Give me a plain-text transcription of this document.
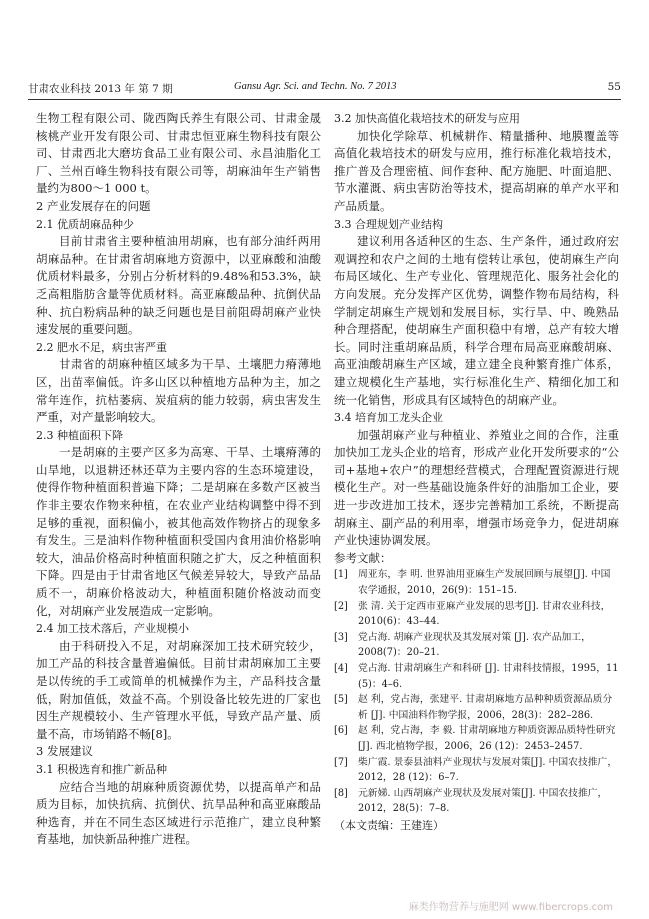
甘肃农业科技 2013 年 第 7 期	Gansu Agr. Sci. and Techn. No. 7 2013	55

生物工程有限公司、陇西陶氏养生有限公司、甘肃金晟核桃产业开发有限公司、甘肃忠恒亚麻生物科技有限公司、甘肃西北大磨坊食品工业有限公司、永昌油脂化工厂、兰州百峰生物科技有限公司等，胡麻油年生产销售量约为800～1 000 t。

2 产业发展存在的问题

2.1 优质胡麻品种少

目前甘肃省主要种植油用胡麻，也有部分油纤两用胡麻品种。在甘肃省胡麻地方资源中，以亚麻酸和油酸优质材料最多，分别占分析材料的9.48%和53.3%，缺乏高粗脂肪含量等优质材料。高亚麻酸品种、抗倒伏品种、抗白粉病品种的缺乏问题也是目前阻碍胡麻产业快速发展的重要问题。

2.2 肥水不足，病虫害严重

甘肃省的胡麻种植区域多为干旱、土壤肥力瘠薄地区，出苗率偏低。许多山区以种植地方品种为主，加之常年连作，抗枯萎病、炭疽病的能力较弱，病虫害发生严重，对产量影响较大。

2.3 种植面积下降

一是胡麻的主要产区多为高寒、干旱、土壤瘠薄的山旱地，以退耕还林还草为主要内容的生态环境建设，使得作物种植面积普遍下降；二是胡麻在多数产区被当作非主要农作物来种植，在农业产业结构调整中得不到足够的重视，面积偏小，被其他高效作物挤占的现象多有发生。三是油料作物种植面积受国内食用油价格影响较大，油品价格高时种植面积随之扩大，反之种植面积下降。四是由于甘肃省地区气候差异较大，导致产品品质不一，胡麻价格波动大，种植面积随价格波动而变化，对胡麻产业发展造成一定影响。

2.4 加工技术落后，产业规模小

由于科研投入不足，对胡麻深加工技术研究较少，加工产品的科技含量普遍偏低。目前甘肃胡麻加工主要是以传统的手工或简单的机械操作为主，产品科技含量低，附加值低，效益不高。个别设备比较先进的厂家也因生产规模较小、生产管理水平低，导致产品产量、质量不高，市场销路不畅[8]。

3 发展建议

3.1 积极选育和推广新品种

应结合当地的胡麻种质资源优势，以提高单产和品质为目标，加快抗病、抗倒伏、抗旱品种和高亚麻酸品种选育，并在不同生态区域进行示范推广，建立良种繁育基地，加快新品种推广进程。

3.2 加快高值化栽培技术的研发与应用

加快化学除草、机械耕作、精量播种、地膜覆盖等高值化栽培技术的研发与应用，推行标准化栽培技术，推广普及合理密植、间作套种、配方施肥、叶面追肥、节水灌溉、病虫害防治等技术，提高胡麻的单产水平和产品质量。

3.3 合理规划产业结构

建议利用各适种区的生态、生产条件，通过政府宏观调控和农户之间的土地有偿转让承包，使胡麻生产向布局区域化、生产专业化、管理规范化、服务社会化的方向发展。充分发挥产区优势，调整作物布局结构，科学制定胡麻生产规划和发展目标，实行旱、中、晚熟品种合理搭配，使胡麻生产面积稳中有增，总产有较大增长。同时注重胡麻品质，科学合理布局高亚麻酸胡麻、高亚油酸胡麻生产区域，建立建全良种繁育推广体系，建立规模化生产基地，实行标准化生产、精细化加工和统一化销售，形成具有区域特色的胡麻产业。

3.4 培育加工龙头企业

加强胡麻产业与种植业、养殖业之间的合作，注重加快加工龙头企业的培育，形成产业化开发所要求的“公司+基地+农户”的理想经营模式，合理配置资源进行规模化生产。对一些基础设施条件好的油脂加工企业，要进一步改进加工技术，逐步完善精加工系统，不断提高胡麻主、副产品的利用率，增强市场竞争力，促进胡麻产业快速协调发展。

参考文献：

[1]	周亚东，李 明. 世界油用亚麻生产发展回顾与展望[J]. 中国农学通报，2010，26(9)：151–15.
[2]	张 清. 关于定西市亚麻产业发展的思考[J]. 甘肃农业科技，2010(6)：43–44.
[3]	党占海. 胡麻产业现状及其发展对策 [J]. 农产品加工，2008(7)：20–21.
[4]	党占海. 甘肃胡麻生产和科研 [J]. 甘肃科技情报，1995，11 (5)：4–6.
[5]	赵 利，党占海，张建平. 甘肃胡麻地方品种种质资源品质分析 [J]. 中国油料作物学报，2006，28(3)：282–286.
[6]	赵 利，党占海，李 毅. 甘肃胡麻地方种质资源品质特性研究 [J]. 西北植物学报，2006，26 (12)：2453–2457.
[7]	柴广霞. 景泰县油料产业现状与发展对策[J]. 中国农技推广，2012，28 (12)：6–7.
[8]	元新娣. 山西胡麻产业现状及发展对策[J]. 中国农技推广，2012，28(5)：7–8.

（本文责编：王建连）

麻类作物营养与施肥网 www.fibercrops.com
